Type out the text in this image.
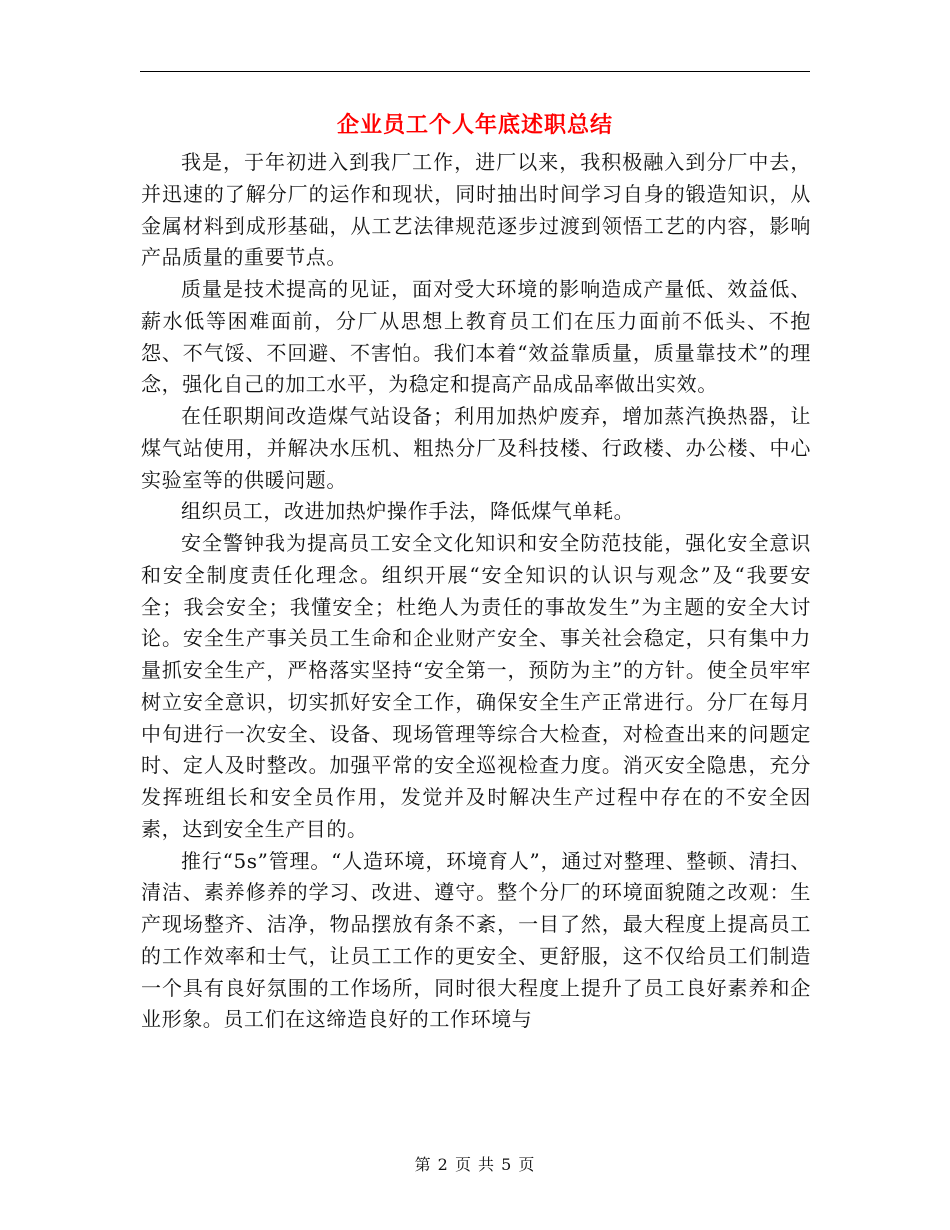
企业员工个人年底述职总结

我是，于年初进入到我厂工作，进厂以来，我积极融入到分厂中去，并迅速的了解分厂的运作和现状，同时抽出时间学习自身的锻造知识，从金属材料到成形基础，从工艺法律规范逐步过渡到领悟工艺的内容，影响产品质量的重要节点。

质量是技术提高的见证，面对受大环境的影响造成产量低、效益低、薪水低等困难面前，分厂从思想上教育员工们在压力面前不低头、不抱怨、不气馁、不回避、不害怕。我们本着“效益靠质量，质量靠技术”的理念，强化自己的加工水平，为稳定和提高产品成品率做出实效。

在任职期间改造煤气站设备；利用加热炉废弃，增加蒸汽换热器，让煤气站使用，并解决水压机、粗热分厂及科技楼、行政楼、办公楼、中心实验室等的供暖问题。

组织员工，改进加热炉操作手法，降低煤气单耗。

安全警钟我为提高员工安全文化知识和安全防范技能，强化安全意识和安全制度责任化理念。组织开展“安全知识的认识与观念”及“我要安全；我会安全；我懂安全；杜绝人为责任的事故发生”为主题的安全大讨论。安全生产事关员工生命和企业财产安全、事关社会稳定，只有集中力量抓安全生产，严格落实坚持“安全第一，预防为主”的方针。使全员牢牢树立安全意识，切实抓好安全工作，确保安全生产正常进行。分厂在每月中旬进行一次安全、设备、现场管理等综合大检查，对检查出来的问题定时、定人及时整改。加强平常的安全巡视检查力度。消灭安全隐患，充分发挥班组长和安全员作用，发觉并及时解决生产过程中存在的不安全因素，达到安全生产目的。

推行“5s”管理。“人造环境，环境育人”，通过对整理、整顿、清扫、清洁、素养修养的学习、改进、遵守。整个分厂的环境面貌随之改观：生产现场整齐、洁净，物品摆放有条不紊，一目了然，最大程度上提高员工的工作效率和士气，让员工工作的更安全、更舒服，这不仅给员工们制造一个具有良好氛围的工作场所，同时很大程度上提升了员工良好素养和企业形象。员工们在这缔造良好的工作环境与

第 2 页 共 5 页
